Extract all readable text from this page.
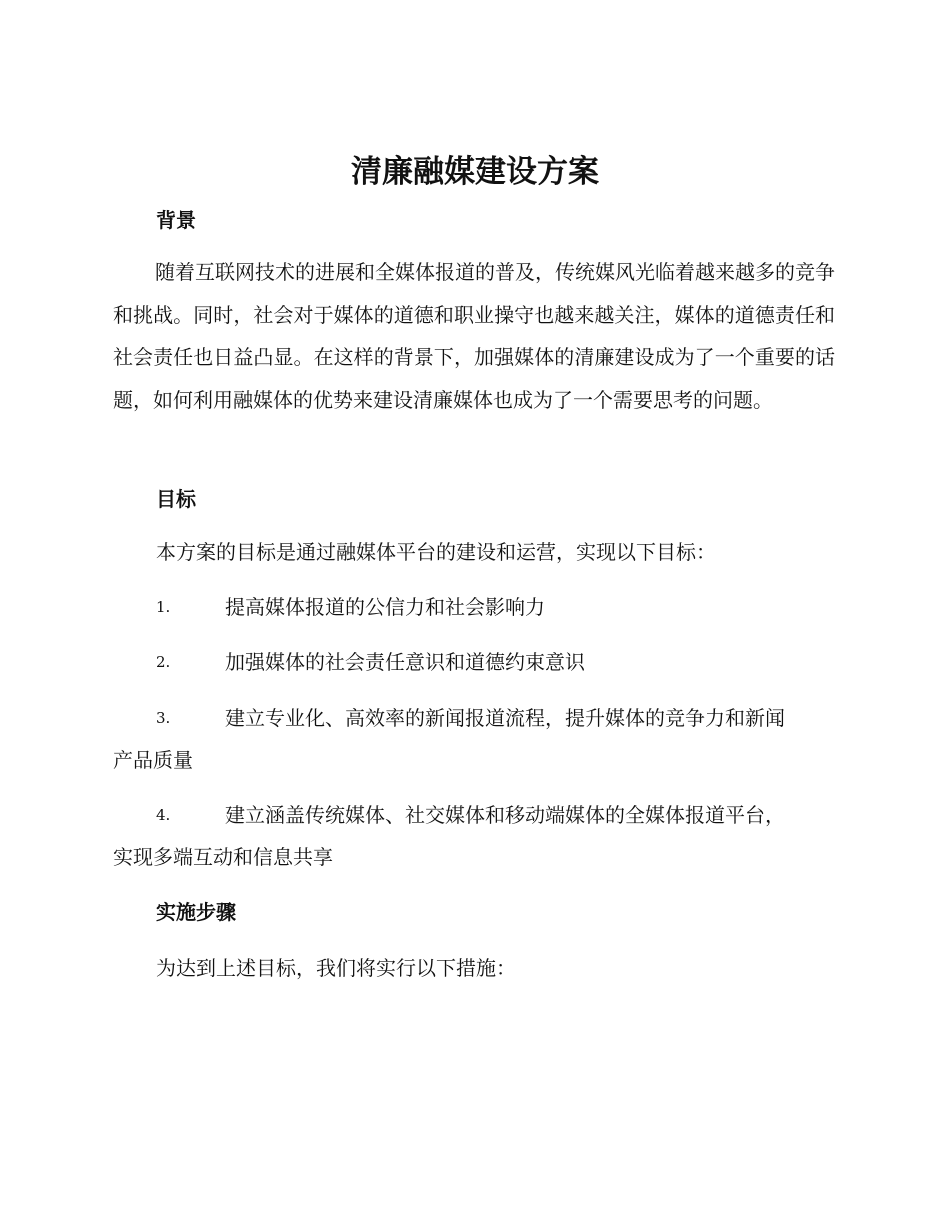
清廉融媒建设方案
背景

随着互联网技术的进展和全媒体报道的普及，传统媒风光临着越来越多的竞争和挑战。同时，社会对于媒体的道德和职业操守也越来越关注，媒体的道德责任和社会责任也日益凸显。在这样的背景下，加强媒体的清廉建设成为了一个重要的话题，如何利用融媒体的优势来建设清廉媒体也成为了一个需要思考的问题。

目标

本方案的目标是通过融媒体平台的建设和运营，实现以下目标：

1.	提高媒体报道的公信力和社会影响力
2.	加强媒体的社会责任意识和道德约束意识
3.	建立专业化、高效率的新闻报道流程，提升媒体的竞争力和新闻
产品质量
4.	建立涵盖传统媒体、社交媒体和移动端媒体的全媒体报道平台，
实现多端互动和信息共享
实施步骤

为达到上述目标，我们将实行以下措施：
